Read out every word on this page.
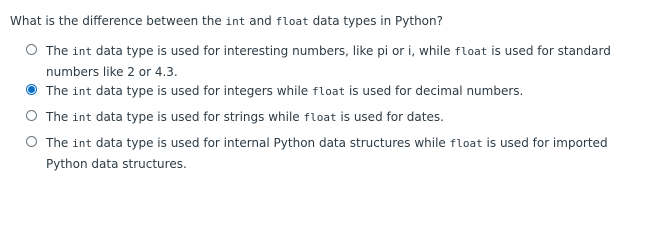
What is the difference between the int and float data types in Python?
The int data type is used for interesting numbers, like pi or i, while float is used for standard numbers like 2 or 4.3.
The int data type is used for integers while float is used for decimal numbers.
The int data type is used for strings while float is used for dates.
The int data type is used for internal Python data structures while float is used for imported Python data structures.
